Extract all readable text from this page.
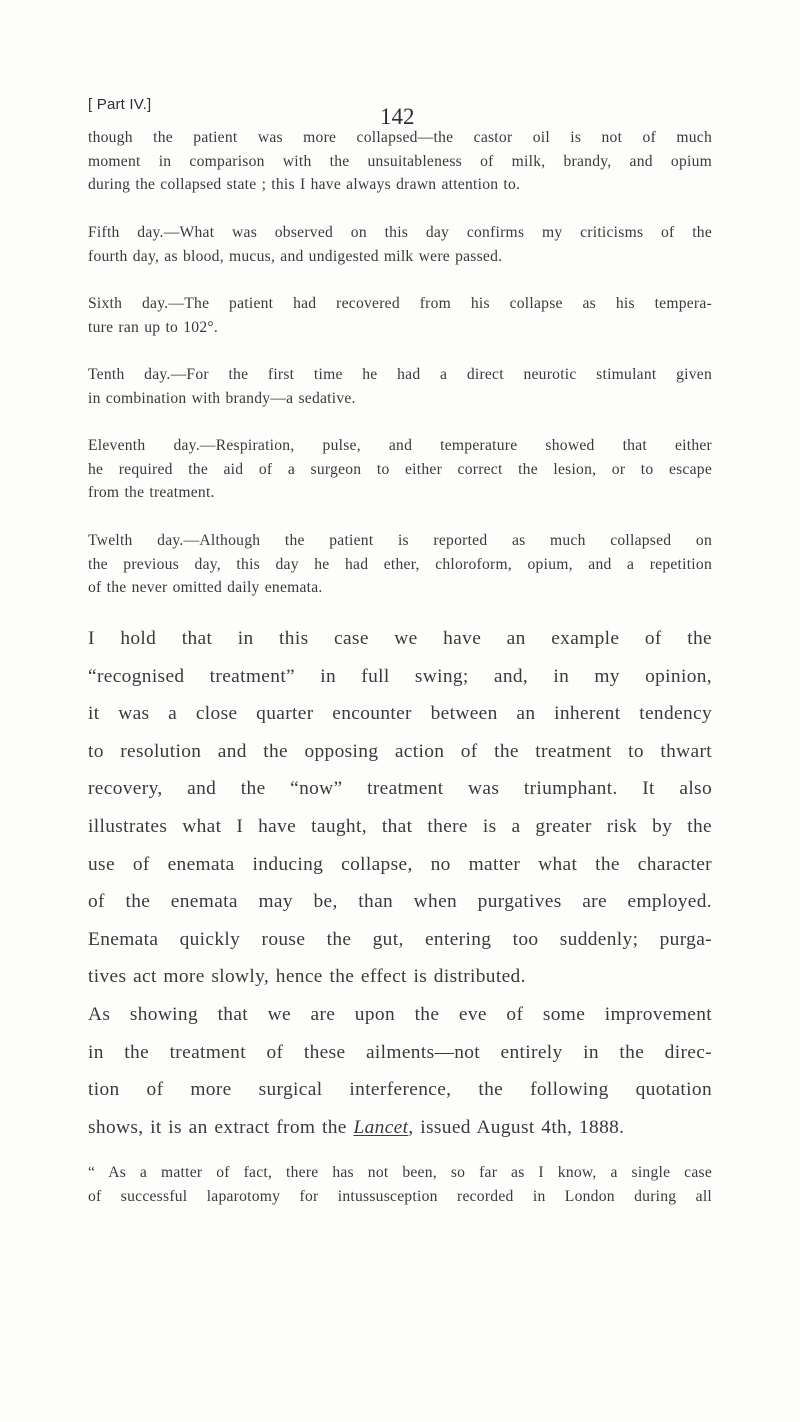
[ Part IV.]	142
though the patient was more collapsed—the castor oil is not of much
moment in comparison with the unsuitableness of milk, brandy, and opium
during the collapsed state ; this I have always drawn attention to.
Fifth day.—What was observed on this day confirms my criticisms of the
fourth day, as blood, mucus, and undigested milk were passed.
Sixth day.—The patient had recovered from his collapse as his tempera-
ture ran up to 102°.
Tenth day.—For the first time he had a direct neurotic stimulant given
in combination with brandy—a sedative.
Eleventh day.—Respiration, pulse, and temperature showed that either
he required the aid of a surgeon to either correct the lesion, or to escape
from the treatment.
Twelth day.—Although the patient is reported as much collapsed on
the previous day, this day he had ether, chloroform, opium, and a repetition
of the never omitted daily enemata.
I hold that in this case we have an example of the
“recognised treatment” in full swing; and, in my opinion,
it was a close quarter encounter between an inherent tendency
to resolution and the opposing action of the treatment to thwart
recovery, and the “now” treatment was triumphant. It also
illustrates what I have taught, that there is a greater risk by the
use of enemata inducing collapse, no matter what the character
of the enemata may be, than when purgatives are employed.
Enemata quickly rouse the gut, entering too suddenly; purga-
tives act more slowly, hence the effect is distributed.
As showing that we are upon the eve of some improvement
in the treatment of these ailments—not entirely in the direc-
tion of more surgical interference, the following quotation
shows, it is an extract from the Lancet, issued August 4th, 1888.
“ As a matter of fact, there has not been, so far as I know, a single case
of successful laparotomy for intussusception recorded in London during all
